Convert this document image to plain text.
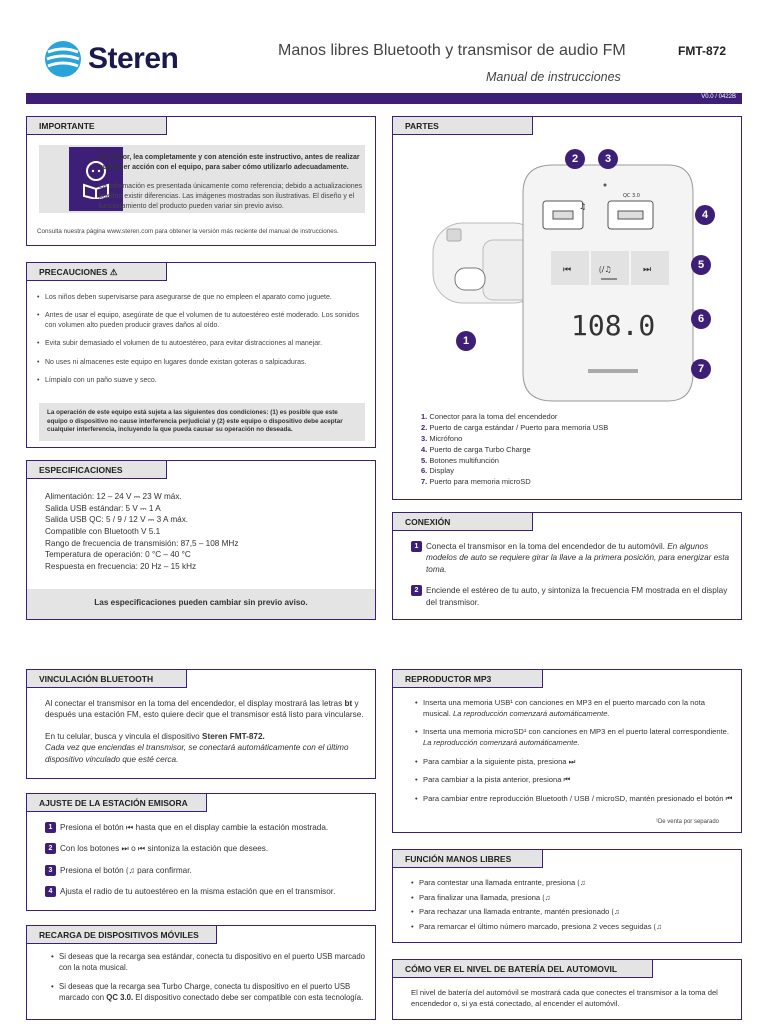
Steren	Manos libres Bluetooth y transmisor de audio FM	FMT-872
Manual de instrucciones
V0.0 / 0422B
IMPORTANTE
Por favor, lea completamente y con atención este instructivo, antes de realizar cualquier acción con el equipo, para saber cómo utilizarlo adecuadamente.
La información es presentada únicamente como referencia; debido a actualizaciones pueden existir diferencias. Las imágenes mostradas son ilustrativas. El diseño y el funcionamiento del producto pueden variar sin previo aviso.
Consulta nuestra página www.steren.com para obtener la versión más reciente del manual de instrucciones.
PRECAUCIONES ⚠
• Los niños deben supervisarse para asegurarse de que no empleen el aparato como juguete.
• Antes de usar el equipo, asegúrate de que el volumen de tu autoestéreo esté moderado. Los sonidos con volumen alto pueden producir graves daños al oído.
• Evita subir demasiado el volumen de tu autoestéreo, para evitar distracciones al manejar.
• No uses ni almacenes este equipo en lugares donde existan goteras o salpicaduras.
• Límpialo con un paño suave y seco.
La operación de este equipo está sujeta a las siguientes dos condiciones: (1) es posible que este equipo o dispositivo no cause interferencia perjudicial y (2) este equipo o dispositivo debe aceptar cualquier interferencia, incluyendo la que pueda causar su operación no deseada.
ESPECIFICACIONES
Alimentación: 12 – 24 V ⎓ 23 W máx.
Salida USB estándar: 5 V ⎓ 1 A
Salida USB QC: 5 / 9 / 12 V ⎓ 3 A máx.
Compatible con Bluetooth V 5.1
Rango de frecuencia de transmisión: 87,5 – 108 MHz
Temperatura de operación: 0 °C – 40 °C
Respuesta en frecuencia: 20 Hz – 15 kHz
Las especificaciones pueden cambiar sin previo aviso.
PARTES
♫
QC 3.0
⏮	⟮/♫	⏭
108.0
1
2	3
4
5
6
7
1. Conector para la toma del encendedor
2. Puerto de carga estándar / Puerto para memoria USB
3. Micrófono
4. Puerto de carga Turbo Charge
5. Botones multifunción
6. Display
7. Puerto para memoria microSD
CONEXIÓN
1 Conecta el transmisor en la toma del encendedor de tu automóvil. En algunos modelos de auto se requiere girar la llave a la primera posición, para energizar esta toma.
2 Enciende el estéreo de tu auto, y sintoniza la frecuencia FM mostrada en el display del transmisor.
VINCULACIÓN BLUETOOTH

Al conectar el transmisor en la toma del encendedor, el display mostrará las letras bt y después una estación FM, esto quiere decir que el transmisor está listo para vincularse.

En tu celular, busca y vincula el dispositivo Steren FMT-872.
Cada vez que enciendas el transmisor, se conectará automáticamente con el último dispositivo vinculado que esté cerca.

AJUSTE DE LA ESTACIÓN EMISORA
1 Presiona el botón ⏮ hasta que en el display cambie la estación mostrada.
2 Con los botones ⏭ o ⏮ sintoniza la estación que desees.
3 Presiona el botón ⟮♫ para confirmar.
4 Ajusta el radio de tu autoestéreo en la misma estación que en el transmisor.
RECARGA DE DISPOSITIVOS MÓVILES
• Si deseas que la recarga sea estándar, conecta tu dispositivo en el puerto USB marcado con la nota musical.
• Si deseas que la recarga sea Turbo Charge, conecta tu dispositivo en el puerto USB marcado con QC 3.0. El dispositivo conectado debe ser compatible con esta tecnología.
REPRODUCTOR MP3
• Inserta una memoria USB¹ con canciones en MP3 en el puerto marcado con la nota musical. La reproducción comenzará automáticamente.
• Inserta una memoria microSD¹ con canciones en MP3 en el puerto lateral correspondiente. La reproducción comenzará automáticamente.
• Para cambiar a la siguiente pista, presiona ⏭
• Para cambiar a la pista anterior, presiona ⏮
• Para cambiar entre reproducción Bluetooth / USB / microSD, mantén presionado el botón ⏮
¹De venta por separado
FUNCIÓN MANOS LIBRES
• Para contestar una llamada entrante, presiona ⟮♫
• Para finalizar una llamada, presiona ⟮♫
• Para rechazar una llamada entrante, mantén presionado ⟮♫
• Para remarcar el último número marcado, presiona 2 veces seguidas ⟮♫
CÓMO VER EL NIVEL DE BATERÍA DEL AUTOMOVIL
El nivel de batería del automóvil se mostrará cada que conectes el transmisor a la toma del encendedor o, si ya está conectado, al encender el automóvil.
